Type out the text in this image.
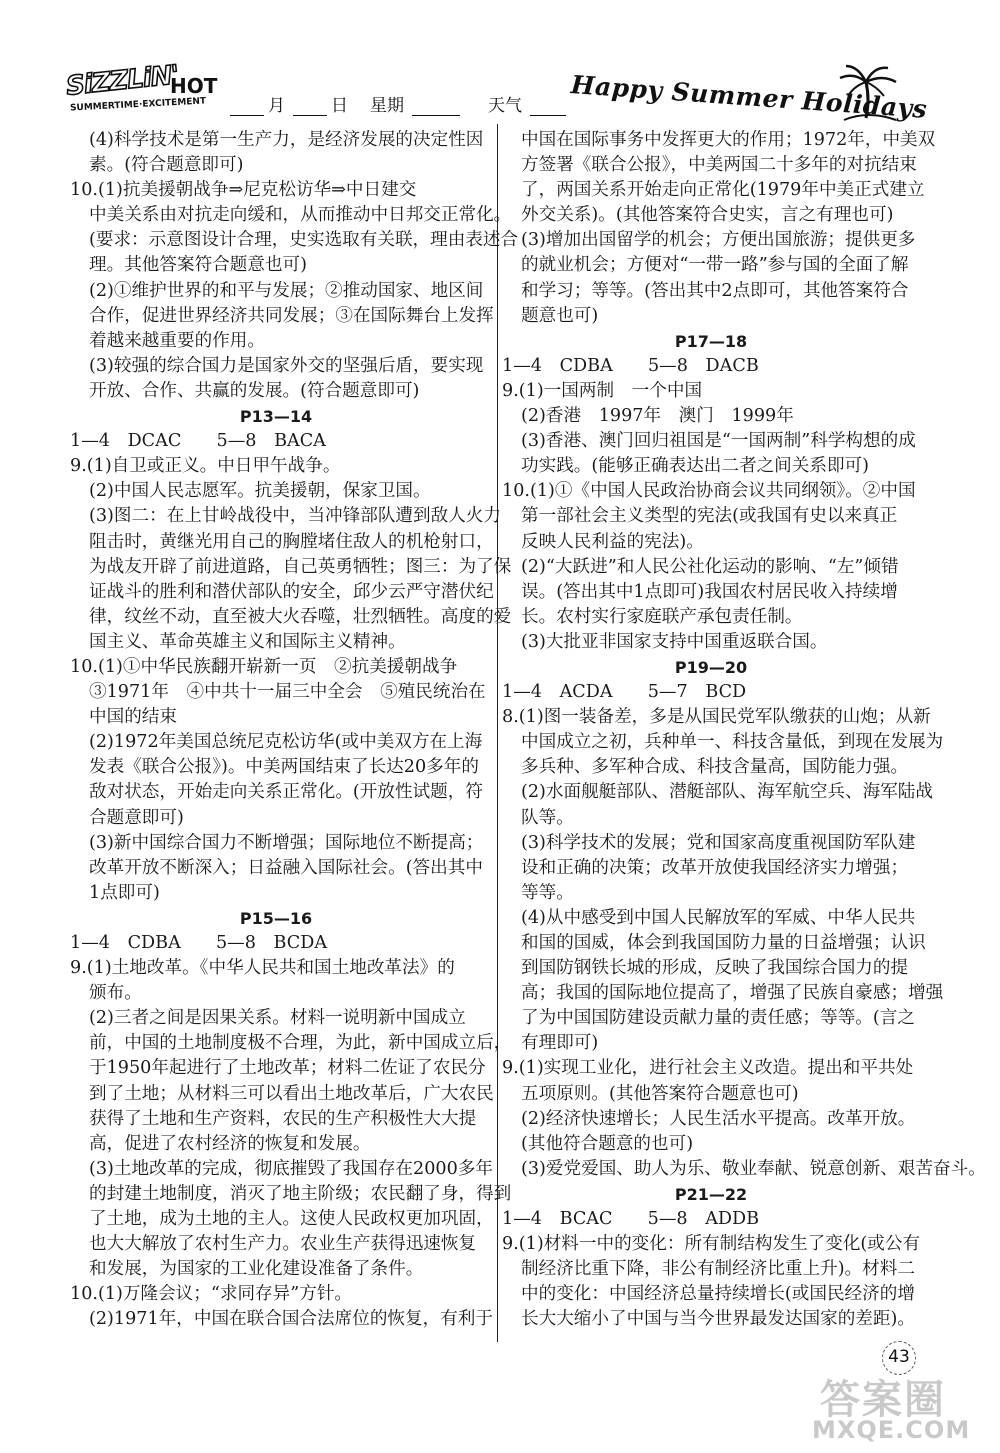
SiZZLiN'
HOT
SUMMERTIME·EXCITEMENT	月	日 星期	天气 Happy Summer Holidays
(4)科学技术是第一生产力，是经济发展的决定性因
素。(符合题意即可)
10.(1)抗美援朝战争⇒尼克松访华⇒中日建交
中美关系由对抗走向缓和，从而推动中日邦交正常化。
(要求：示意图设计合理，史实选取有关联，理由表述合
理。其他答案符合题意也可)
(2)①维护世界的和平与发展；②推动国家、地区间
合作，促进世界经济共同发展；③在国际舞台上发挥
着越来越重要的作用。
(3)较强的综合国力是国家外交的坚强后盾，要实现
开放、合作、共赢的发展。(符合题意即可)
P13—14
1—4　DCAC　　5—8　BACA
9.(1)自卫或正义。中日甲午战争。
(2)中国人民志愿军。抗美援朝，保家卫国。
(3)图二：在上甘岭战役中，当冲锋部队遭到敌人火力
阻击时，黄继光用自己的胸膛堵住敌人的机枪射口，
为战友开辟了前进道路，自己英勇牺牲；图三：为了保
证战斗的胜利和潜伏部队的安全，邱少云严守潜伏纪
律，纹丝不动，直至被大火吞噬，壮烈牺牲。高度的爱
国主义、革命英雄主义和国际主义精神。
10.(1)①中华民族翻开崭新一页　②抗美援朝战争
③1971年　④中共十一届三中全会　⑤殖民统治在
中国的结束
(2)1972年美国总统尼克松访华(或中美双方在上海
发表《联合公报》)。中美两国结束了长达20多年的
敌对状态，开始走向关系正常化。(开放性试题，符
合题意即可)
(3)新中国综合国力不断增强；国际地位不断提高；
改革开放不断深入；日益融入国际社会。(答出其中
1点即可)
P15—16
1—4　CDBA　　5—8　BCDA
9.(1)土地改革。《中华人民共和国土地改革法》的
颁布。
(2)三者之间是因果关系。材料一说明新中国成立
前，中国的土地制度极不合理，为此，新中国成立后，
于1950年起进行了土地改革；材料二佐证了农民分
到了土地；从材料三可以看出土地改革后，广大农民
获得了土地和生产资料，农民的生产积极性大大提
高，促进了农村经济的恢复和发展。
(3)土地改革的完成，彻底摧毁了我国存在2000多年
的封建土地制度，消灭了地主阶级；农民翻了身，得到
了土地，成为土地的主人。这使人民政权更加巩固，
也大大解放了农村生产力。农业生产获得迅速恢复
和发展，为国家的工业化建设准备了条件。
10.(1)万隆会议；“求同存异”方针。
(2)1971年，中国在联合国合法席位的恢复，有利于
中国在国际事务中发挥更大的作用；1972年，中美双
方签署《联合公报》，中美两国二十多年的对抗结束
了，两国关系开始走向正常化(1979年中美正式建立
外交关系)。(其他答案符合史实，言之有理也可)
(3)增加出国留学的机会；方便出国旅游；提供更多
的就业机会；方便对“一带一路”参与国的全面了解
和学习；等等。(答出其中2点即可，其他答案符合
题意也可)
P17—18
1—4　CDBA　　5—8　DACB
9.(1)一国两制　一个中国
(2)香港　1997年　澳门　1999年
(3)香港、澳门回归祖国是“一国两制”科学构想的成
功实践。(能够正确表达出二者之间关系即可)
10.(1)①《中国人民政治协商会议共同纲领》。②中国
第一部社会主义类型的宪法(或我国有史以来真正
反映人民利益的宪法)。
(2)“大跃进”和人民公社化运动的影响、“左”倾错
误。(答出其中1点即可)我国农村居民收入持续增
长。农村实行家庭联产承包责任制。
(3)大批亚非国家支持中国重返联合国。
P19—20
1—4　ACDA　　5—7　BCD
8.(1)图一装备差，多是从国民党军队缴获的山炮；从新
中国成立之初，兵种单一、科技含量低，到现在发展为
多兵种、多军种合成、科技含量高，国防能力强。
(2)水面舰艇部队、潜艇部队、海军航空兵、海军陆战
队等。
(3)科学技术的发展；党和国家高度重视国防军队建
设和正确的决策；改革开放使我国经济实力增强；
等等。
(4)从中感受到中国人民解放军的军威、中华人民共
和国的国威，体会到我国国防力量的日益增强；认识
到国防钢铁长城的形成，反映了我国综合国力的提
高；我国的国际地位提高了，增强了民族自豪感；增强
了为中国国防建设贡献力量的责任感；等等。(言之
有理即可)
9.(1)实现工业化，进行社会主义改造。提出和平共处
五项原则。(其他答案符合题意也可)
(2)经济快速增长；人民生活水平提高。改革开放。
(其他符合题意的也可)
(3)爱党爱国、助人为乐、敬业奉献、锐意创新、艰苦奋斗。
P21—22
1—4　BCAC　　5—8　ADDB
9.(1)材料一中的变化：所有制结构发生了变化(或公有
制经济比重下降，非公有制经济比重上升)。材料二
中的变化：中国经济总量持续增长(或国民经济的增
长大大缩小了中国与当今世界最发达国家的差距)。
43
答案圈
MXQE.COM
